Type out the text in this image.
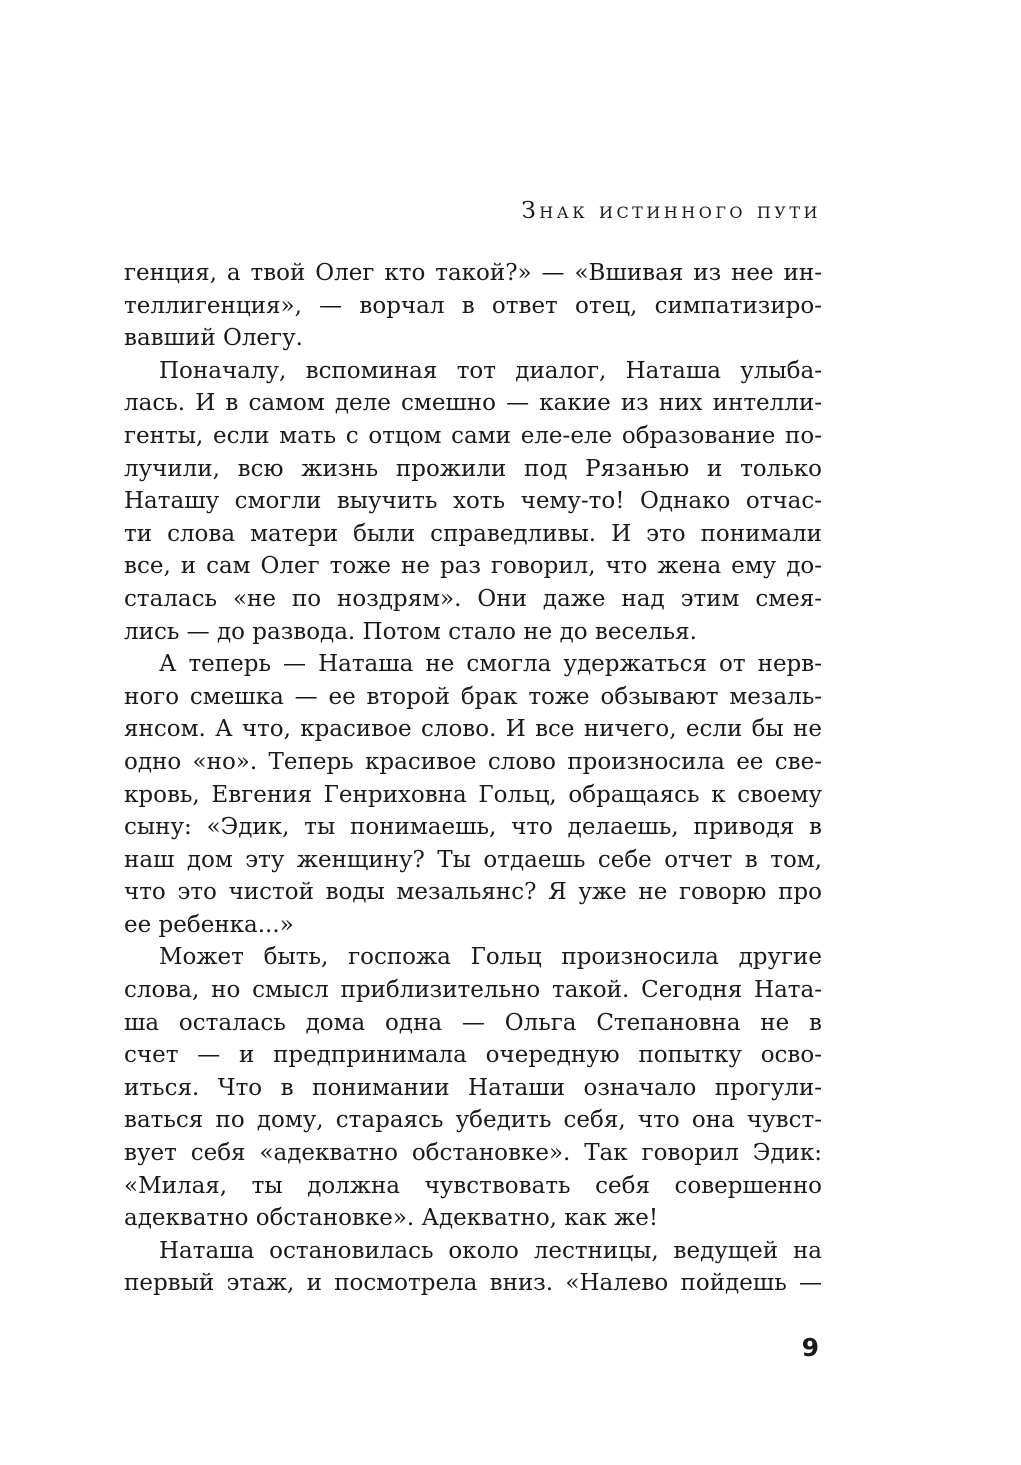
Знак истинного пути
генция, а твой Олег кто такой?» — «Вшивая из нее ин-
теллигенция», — ворчал в ответ отец, симпатизиро-
вавший Олегу.
Поначалу, вспоминая тот диалог, Наташа улыба-
лась. И в самом деле смешно — какие из них интелли-
генты, если мать с отцом сами еле-еле образование по-
лучили, всю жизнь прожили под Рязанью и только
Наташу смогли выучить хоть чему-то! Однако отчас-
ти слова матери были справедливы. И это понимали
все, и сам Олег тоже не раз говорил, что жена ему до-
сталась «не по ноздрям». Они даже над этим смея-
лись — до развода. Потом стало не до веселья.
А теперь — Наташа не смогла удержаться от нерв-
ного смешка — ее второй брак тоже обзывают мезаль-
янсом. А что, красивое слово. И все ничего, если бы не
одно «но». Теперь красивое слово произносила ее све-
кровь, Евгения Генриховна Гольц, обращаясь к своему
сыну: «Эдик, ты понимаешь, что делаешь, приводя в
наш дом эту женщину? Ты отдаешь себе отчет в том,
что это чистой воды мезальянс? Я уже не говорю про
ее ребенка...»
Может быть, госпожа Гольц произносила другие
слова, но смысл приблизительно такой. Сегодня Ната-
ша осталась дома одна — Ольга Степановна не в
счет — и предпринимала очередную попытку осво-
иться. Что в понимании Наташи означало прогули-
ваться по дому, стараясь убедить себя, что она чувст-
вует себя «адекватно обстановке». Так говорил Эдик:
«Милая, ты должна чувствовать себя совершенно
адекватно обстановке». Адекватно, как же!
Наташа остановилась около лестницы, ведущей на
первый этаж, и посмотрела вниз. «Налево пойдешь —
9
